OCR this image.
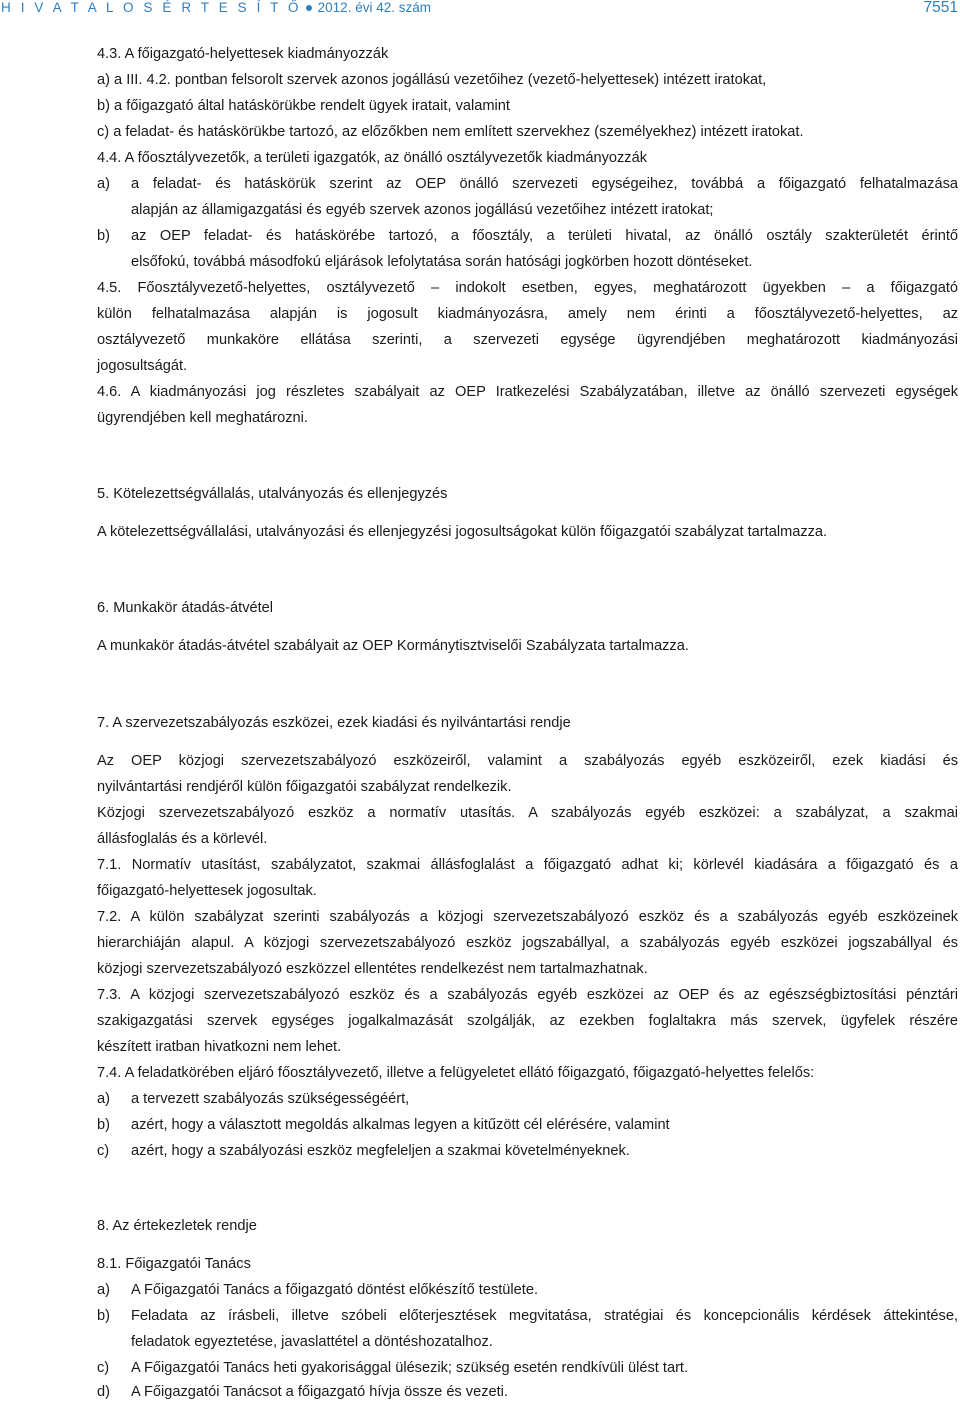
H I V A T A L O S É R T E S Í T Ő 2012. évi 42. szám	7551
4.3. A főigazgató-helyettesek kiadmányozzák
a) a III. 4.2. pontban felsorolt szervek azonos jogállású vezetőihez (vezető-helyettesek) intézett iratokat,
b) a főigazgató által hatáskörükbe rendelt ügyek iratait, valamint
c) a feladat- és hatáskörükbe tartozó, az előzőkben nem említett szervekhez (személyekhez) intézett iratokat.
4.4. A főosztályvezetők, a területi igazgatók, az önálló osztályvezetők kiadmányozzák
a) a feladat- és hatáskörük szerint az OEP önálló szervezeti egységeihez, továbbá a főigazgató felhatalmazása
alapján az államigazgatási és egyéb szervek azonos jogállású vezetőihez intézett iratokat;
b) az OEP feladat- és hatáskörébe tartozó, a főosztály, a területi hivatal, az önálló osztály szakterületét érintő
elsőfokú, továbbá másodfokú eljárások lefolytatása során hatósági jogkörben hozott döntéseket.
4.5. Főosztályvezető-helyettes, osztályvezető – indokolt esetben, egyes, meghatározott ügyekben – a főigazgató
külön felhatalmazása alapján is jogosult kiadmányozásra, amely nem érinti a főosztályvezető-helyettes, az
osztályvezető munkaköre ellátása szerinti, a szervezeti egysége ügyrendjében meghatározott kiadmányozási
jogosultságát.
4.6. A kiadmányozási jog részletes szabályait az OEP Iratkezelési Szabályzatában, illetve az önálló szervezeti egységek
ügyrendjében kell meghatározni.
5. Kötelezettségvállalás, utalványozás és ellenjegyzés
A kötelezettségvállalási, utalványozási és ellenjegyzési jogosultságokat külön főigazgatói szabályzat tartalmazza.
6. Munkakör átadás-átvétel
A munkakör átadás-átvétel szabályait az OEP Kormánytisztviselői Szabályzata tartalmazza.
7. A szervezetszabályozás eszközei, ezek kiadási és nyilvántartási rendje
Az OEP közjogi szervezetszabályozó eszközeiről, valamint a szabályozás egyéb eszközeiről, ezek kiadási és
nyilvántartási rendjéről külön főigazgatói szabályzat rendelkezik.
Közjogi szervezetszabályozó eszköz a normatív utasítás. A szabályozás egyéb eszközei: a szabályzat, a szakmai
állásfoglalás és a körlevél.
7.1. Normatív utasítást, szabályzatot, szakmai állásfoglalást a főigazgató adhat ki; körlevél kiadására a főigazgató és a
főigazgató-helyettesek jogosultak.
7.2. A külön szabályzat szerinti szabályozás a közjogi szervezetszabályozó eszköz és a szabályozás egyéb eszközeinek
hierarchiáján alapul. A közjogi szervezetszabályozó eszköz jogszabállyal, a szabályozás egyéb eszközei jogszabállyal és
közjogi szervezetszabályozó eszközzel ellentétes rendelkezést nem tartalmazhatnak.
7.3. A közjogi szervezetszabályozó eszköz és a szabályozás egyéb eszközei az OEP és az egészségbiztosítási pénztári
szakigazgatási szervek egységes jogalkalmazását szolgálják, az ezekben foglaltakra más szervek, ügyfelek részére
készített iratban hivatkozni nem lehet.
7.4. A feladatkörében eljáró főosztályvezető, illetve a felügyeletet ellátó főigazgató, főigazgató-helyettes felelős:
a) a tervezett szabályozás szükségességéért,
b) azért, hogy a választott megoldás alkalmas legyen a kitűzött cél elérésére, valamint
c) azért, hogy a szabályozási eszköz megfeleljen a szakmai követelményeknek.
8. Az értekezletek rendje
8.1. Főigazgatói Tanács
a) A Főigazgatói Tanács a főigazgató döntést előkészítő testülete.
b) Feladata az írásbeli, illetve szóbeli előterjesztések megvitatása, stratégiai és koncepcionális kérdések áttekintése,
feladatok egyeztetése, javaslattétel a döntéshozatalhoz.
c) A Főigazgatói Tanács heti gyakorisággal ülésezik; szükség esetén rendkívüli ülést tart.
d) A Főigazgatói Tanácsot a főigazgató hívja össze és vezeti.
